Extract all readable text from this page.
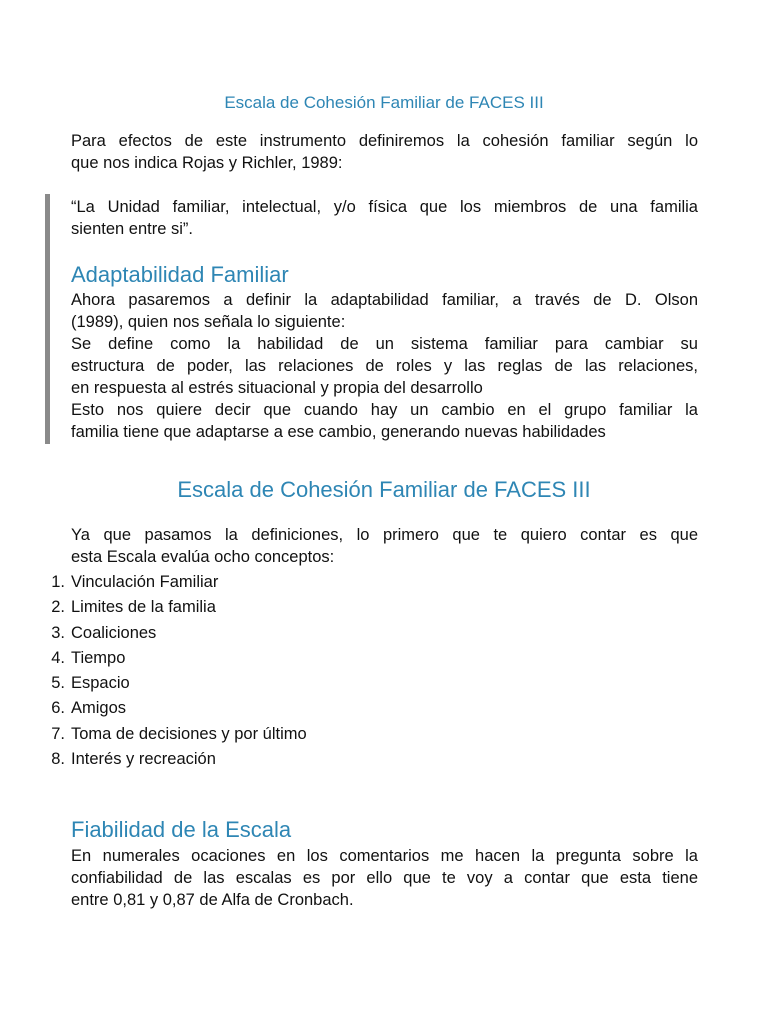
Escala de Cohesión Familiar de FACES III
Para efectos de este instrumento definiremos la cohesión familiar según lo
que nos indica Rojas y Richler, 1989:
“La Unidad familiar, intelectual, y/o física que los miembros de una familia
sienten entre si”.
Adaptabilidad Familiar
Ahora pasaremos a definir la adaptabilidad familiar, a través de D. Olson
(1989), quien nos señala lo siguiente:
Se define como la habilidad de un sistema familiar para cambiar su
estructura de poder, las relaciones de roles y las reglas de las relaciones,
en respuesta al estrés situacional y propia del desarrollo
Esto nos quiere decir que cuando hay un cambio en el grupo familiar la
familia tiene que adaptarse a ese cambio, generando nuevas habilidades
Escala de Cohesión Familiar de FACES III
Ya que pasamos la definiciones, lo primero que te quiero contar es que
esta Escala evalúa ocho conceptos:
1. Vinculación Familiar
2. Limites de la familia
3. Coaliciones
4. Tiempo
5. Espacio
6. Amigos
7. Toma de decisiones y por último
8. Interés y recreación
Fiabilidad de la Escala
En numerales ocaciones en los comentarios me hacen la pregunta sobre la
confiabilidad de las escalas es por ello que te voy a contar que esta tiene
entre 0,81 y 0,87 de Alfa de Cronbach.
